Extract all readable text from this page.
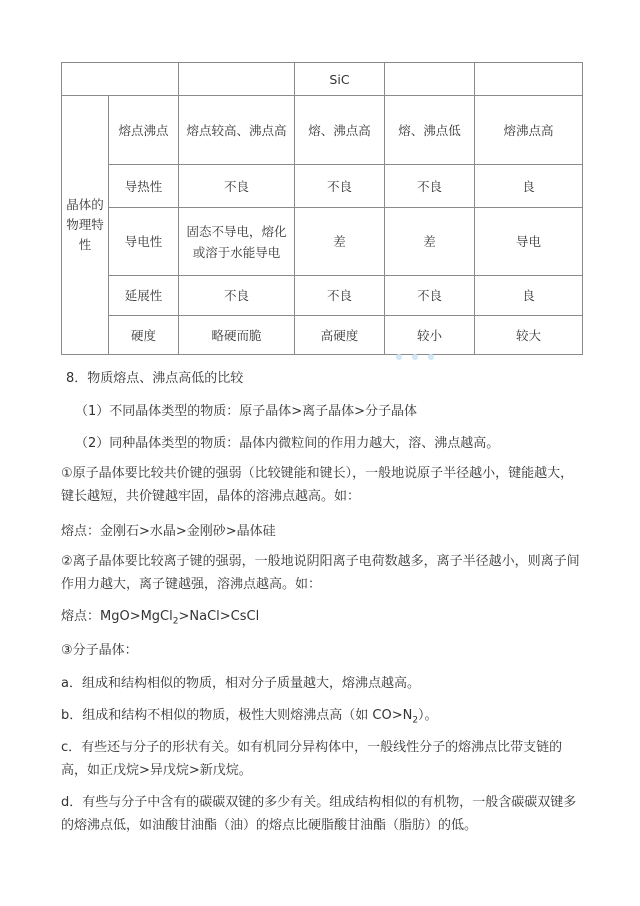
			SiC		
晶体的物理特性	熔点沸点	熔点较高、沸点高	熔、沸点高	熔、沸点低	熔沸点高
	导热性	不良	不良	不良	良
	导电性	固态不导电，熔化或溶于水能导电	差	差	导电
	延展性	不良	不良	不良	良
	硬度	略硬而脆	高硬度	较小	较大
8．物质熔点、沸点高低的比较
（1）不同晶体类型的物质：原子晶体>离子晶体>分子晶体
（2）同种晶体类型的物质：晶体内微粒间的作用力越大，溶、沸点越高。
①原子晶体要比较共价键的强弱（比较键能和键长），一般地说原子半径越小，键能越大，键长越短，共价键越牢固，晶体的溶沸点越高。如：
熔点：金刚石>水晶>金刚砂>晶体硅
②离子晶体要比较离子键的强弱，一般地说阴阳离子电荷数越多，离子半径越小，则离子间作用力越大，离子键越强，溶沸点越高。如：
熔点：MgO>MgCl$_2$>NaCl>CsCl
③分子晶体：
a．组成和结构相似的物质，相对分子质量越大，熔沸点越高。
b．组成和结构不相似的物质，极性大则熔沸点高（如 $CO>N_2$）。
c．有些还与分子的形状有关。如有机同分异构体中，一般线性分子的熔沸点比带支链的高，如正戊烷>异戊烷>新戊烷。
d．有些与分子中含有的碳碳双键的多少有关。组成结构相似的有机物，一般含碳碳双键多的熔沸点低，如油酸甘油酯（油）的熔点比硬脂酸甘油酯（脂肪）的低。
